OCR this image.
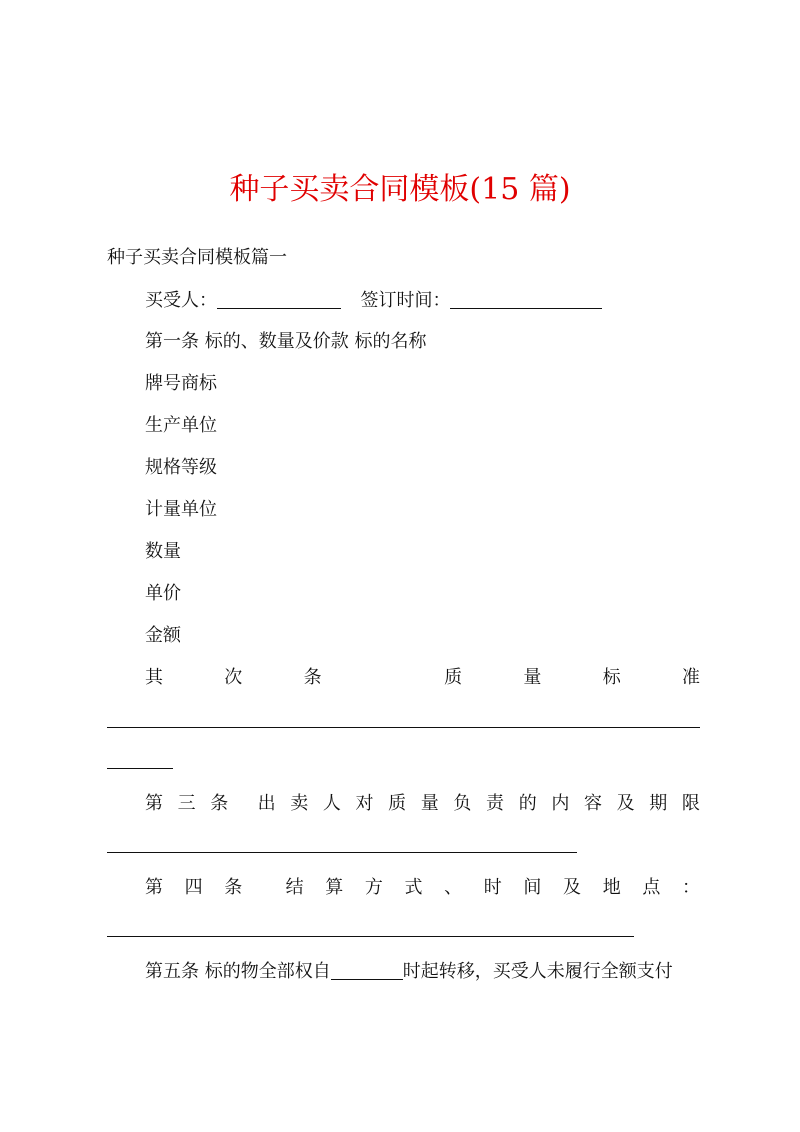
种子买卖合同模板(15 篇)
种子买卖合同模板篇一
买受人：	签订时间：
第一条 标的、数量及价款 标的名称
牌号商标
生产单位
规格等级
计量单位
数量
单价
金额
其	次	条	质	量	标	准
第 三 条 出 卖 人 对 质 量 负 责 的 内 容 及 期 限
第 四 条 结 算 方 式 、 时 间 及 地 点 ：
第五条 标的物全部权自	时起转移，买受人未履行全额支付
